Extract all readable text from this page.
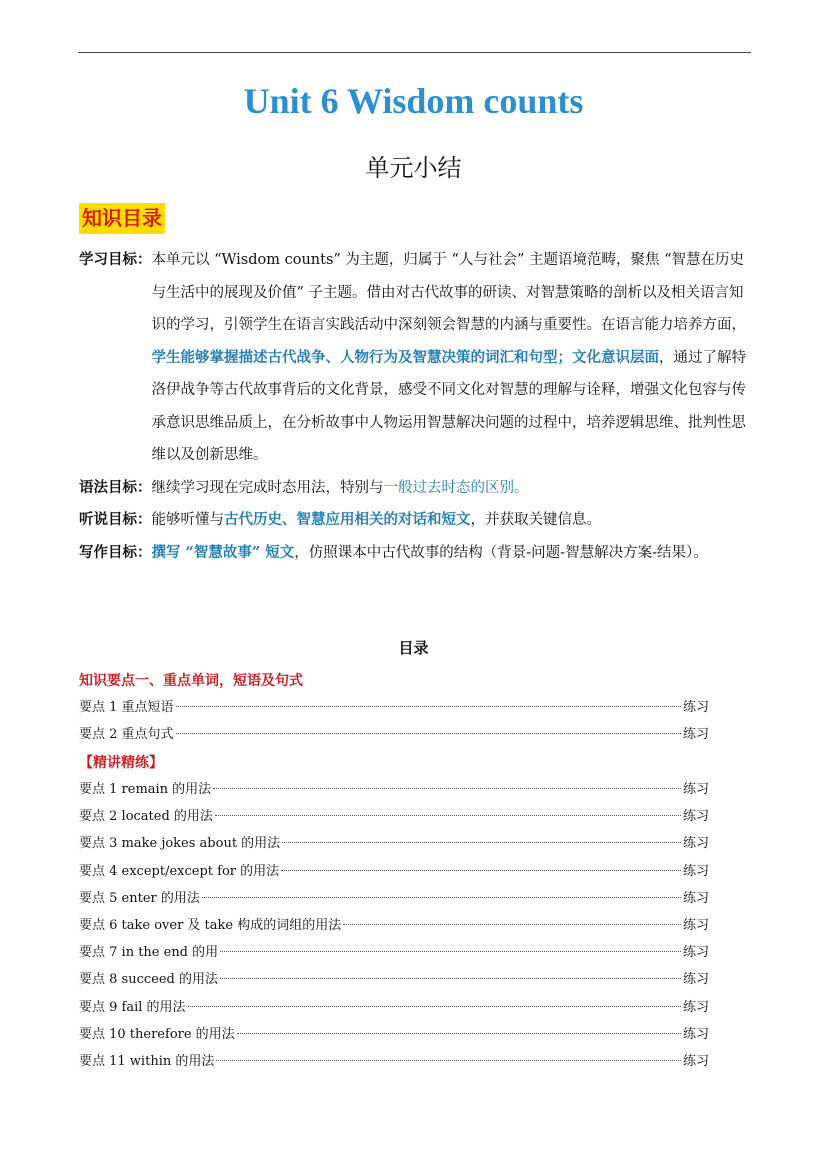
Unit 6 Wisdom counts
单元小结
知识目录
学习目标： 本单元以 “Wisdom counts” 为主题，归属于 “人与社会” 主题语境范畴，聚焦 “智慧在历史与生活中的展现及价值” 子主题。借由对古代故事的研读、对智慧策略的剖析以及相关语言知识的学习，引领学生在语言实践活动中深刻领会智慧的内涵与重要性。在语言能力培养方面，学生能够掌握描述古代战争、人物行为及智慧决策的词汇和句型；文化意识层面，通过了解特洛伊战争等古代故事背后的文化背景，感受不同文化对智慧的理解与诠释，增强文化包容与传承意识思维品质上，在分析故事中人物运用智慧解决问题的过程中，培养逻辑思维、批判性思维以及创新思维。
语法目标： 继续学习现在完成时态用法，特别与一般过去时态的区别。
听说目标： 能够听懂与古代历史、智慧应用相关的对话和短文，并获取关键信息。
写作目标： 撰写 “智慧故事” 短文，仿照课本中古代故事的结构（背景-问题-智慧解决方案-结果）。
目录
知识要点一、重点单词，短语及句式
要点 1 重点短语	练习
要点 2 重点句式	练习
【精讲精练】
要点 1 remain 的用法	练习
要点 2 located 的用法	练习
要点 3 make jokes about 的用法	练习
要点 4 except/except for 的用法	练习
要点 5 enter 的用法	练习
要点 6 take over 及 take 构成的词组的用法	练习
要点 7 in the end 的用	练习
要点 8 succeed 的用法	练习
要点 9 fail 的用法	练习
要点 10 therefore 的用法	练习
要点 11 within 的用法	练习
